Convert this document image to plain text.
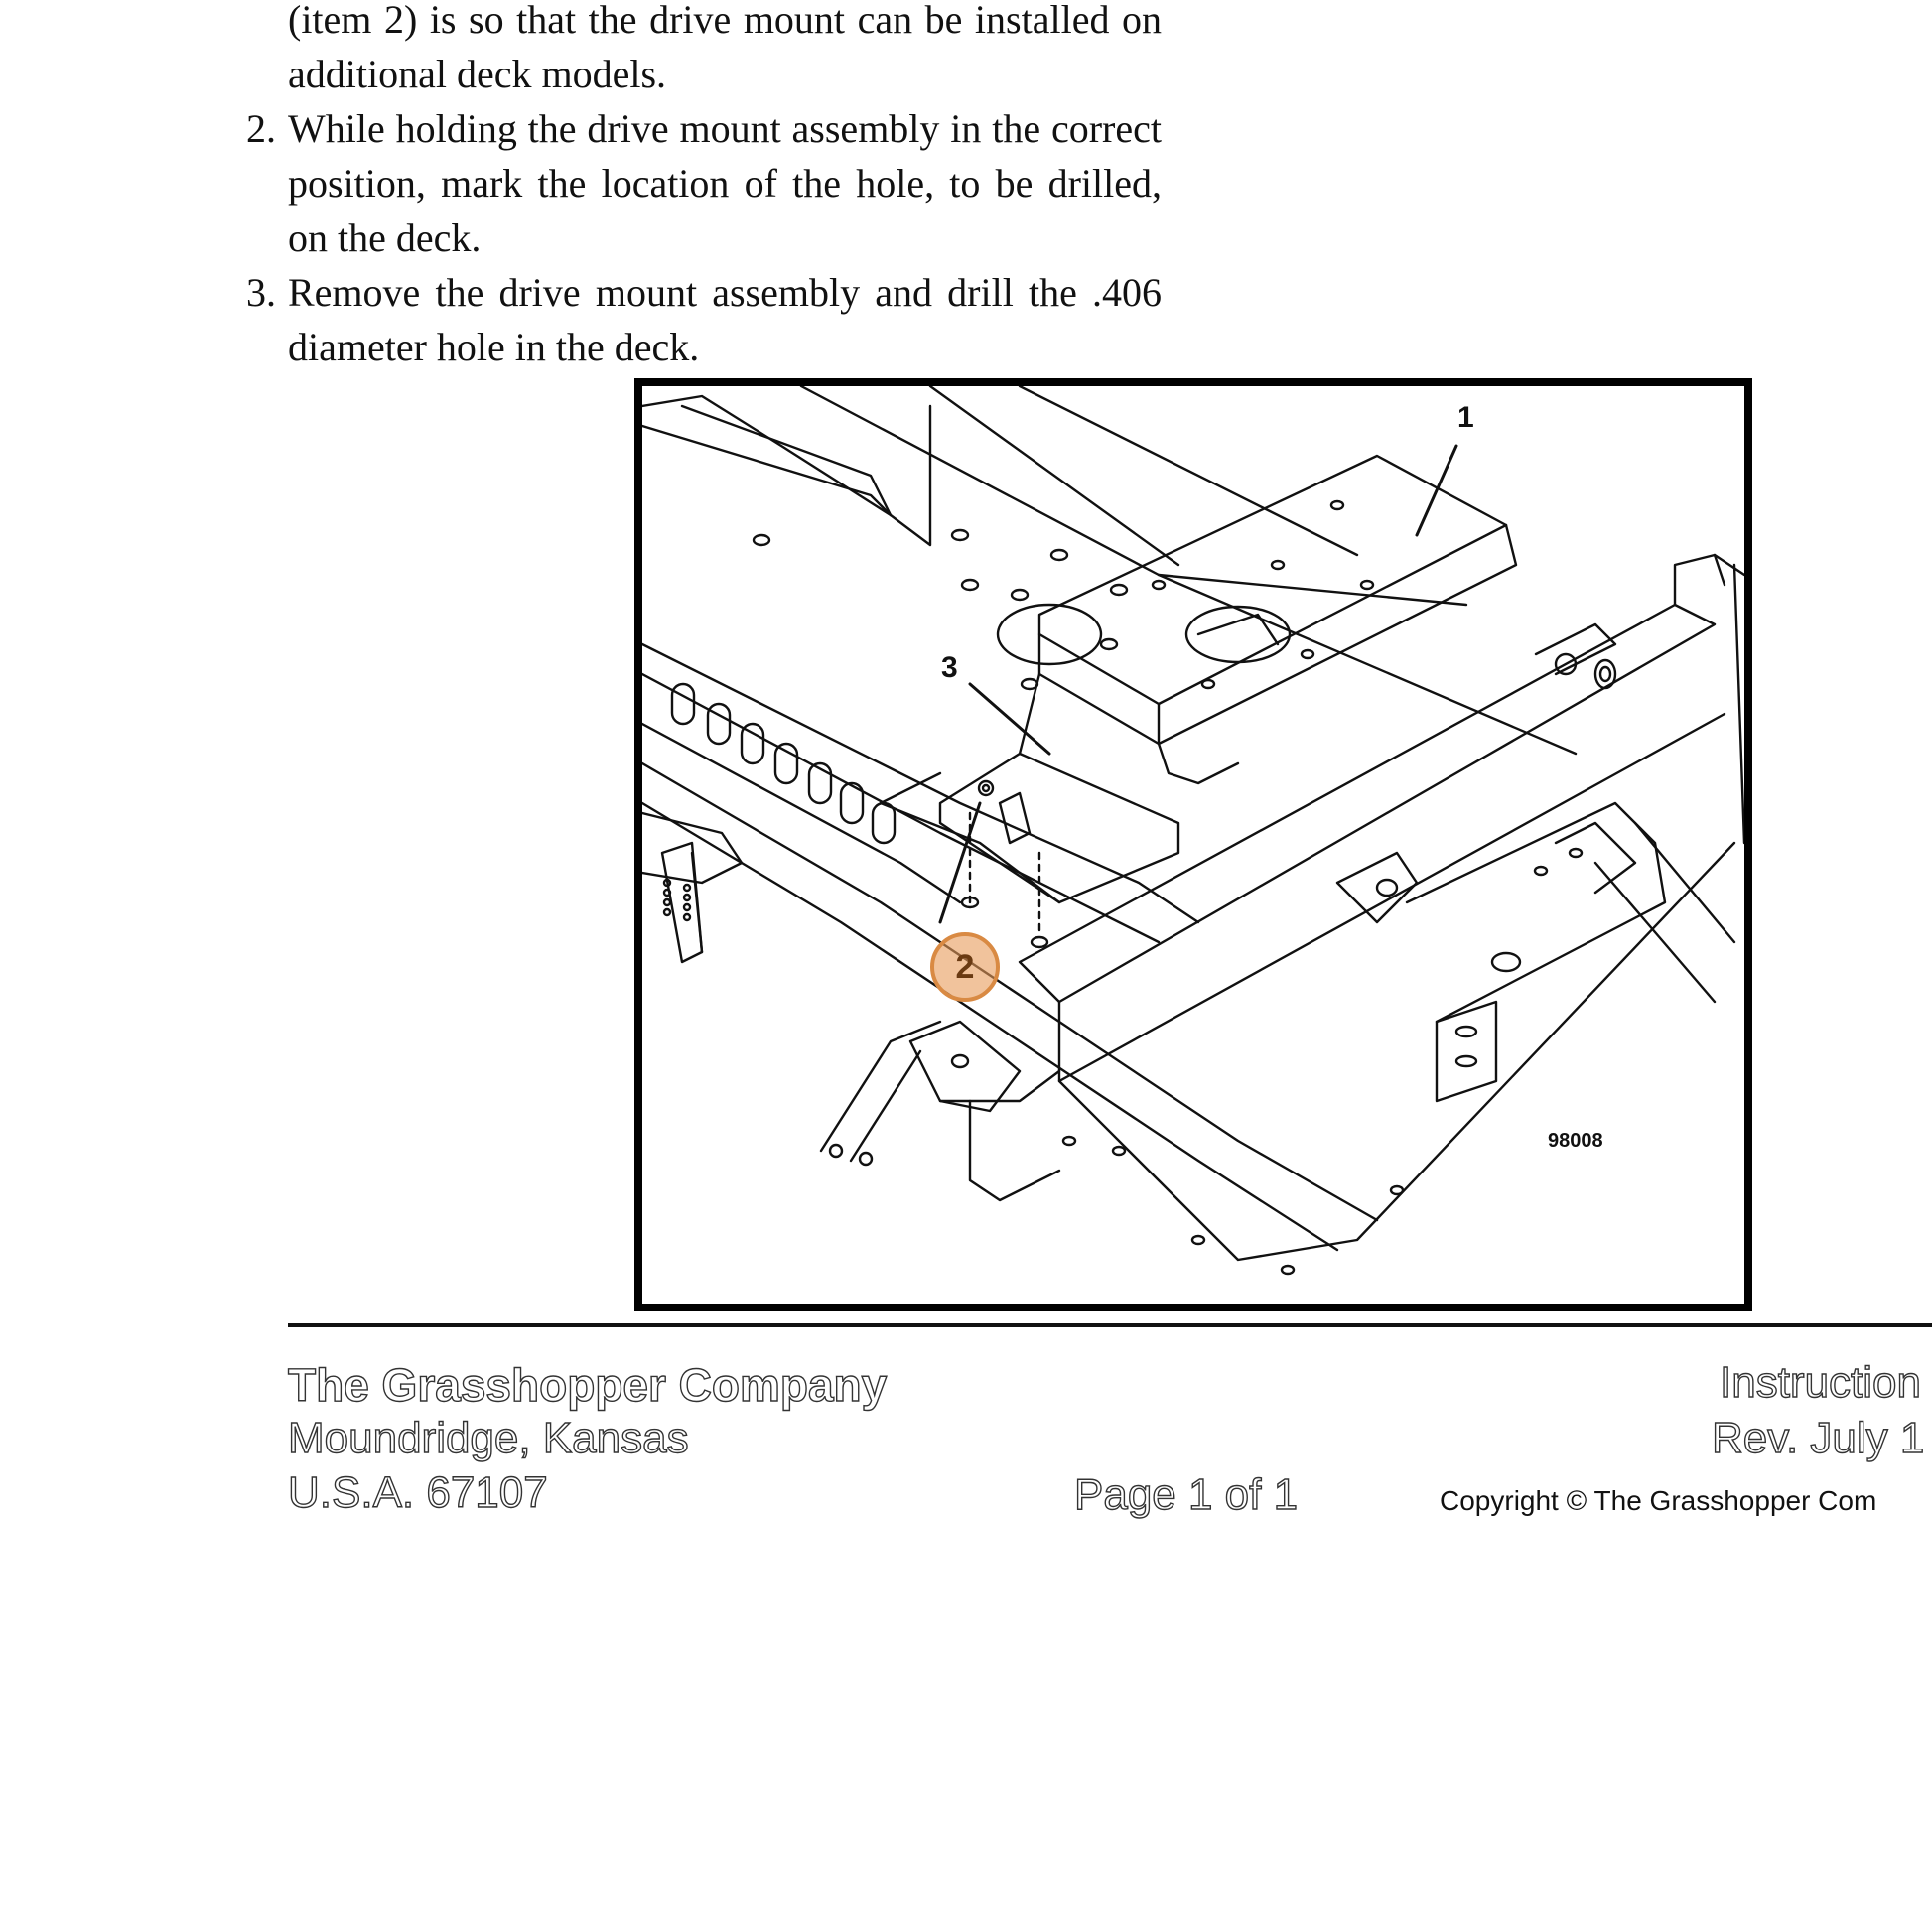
(item 2) is so that the drive mount can be installed on additional deck models.
2. While holding the drive mount assembly in the correct position, mark the location of the hole, to be drilled, on the deck.
3. Remove the drive mount assembly and drill the .406 diameter hole in the deck.
1
2
3
98008
The Grasshopper Company
Moundridge, Kansas
U.S.A. 67107	Page 1 of 1
Instruction
Rev. July 1
Copyright © The Grasshopper Com
